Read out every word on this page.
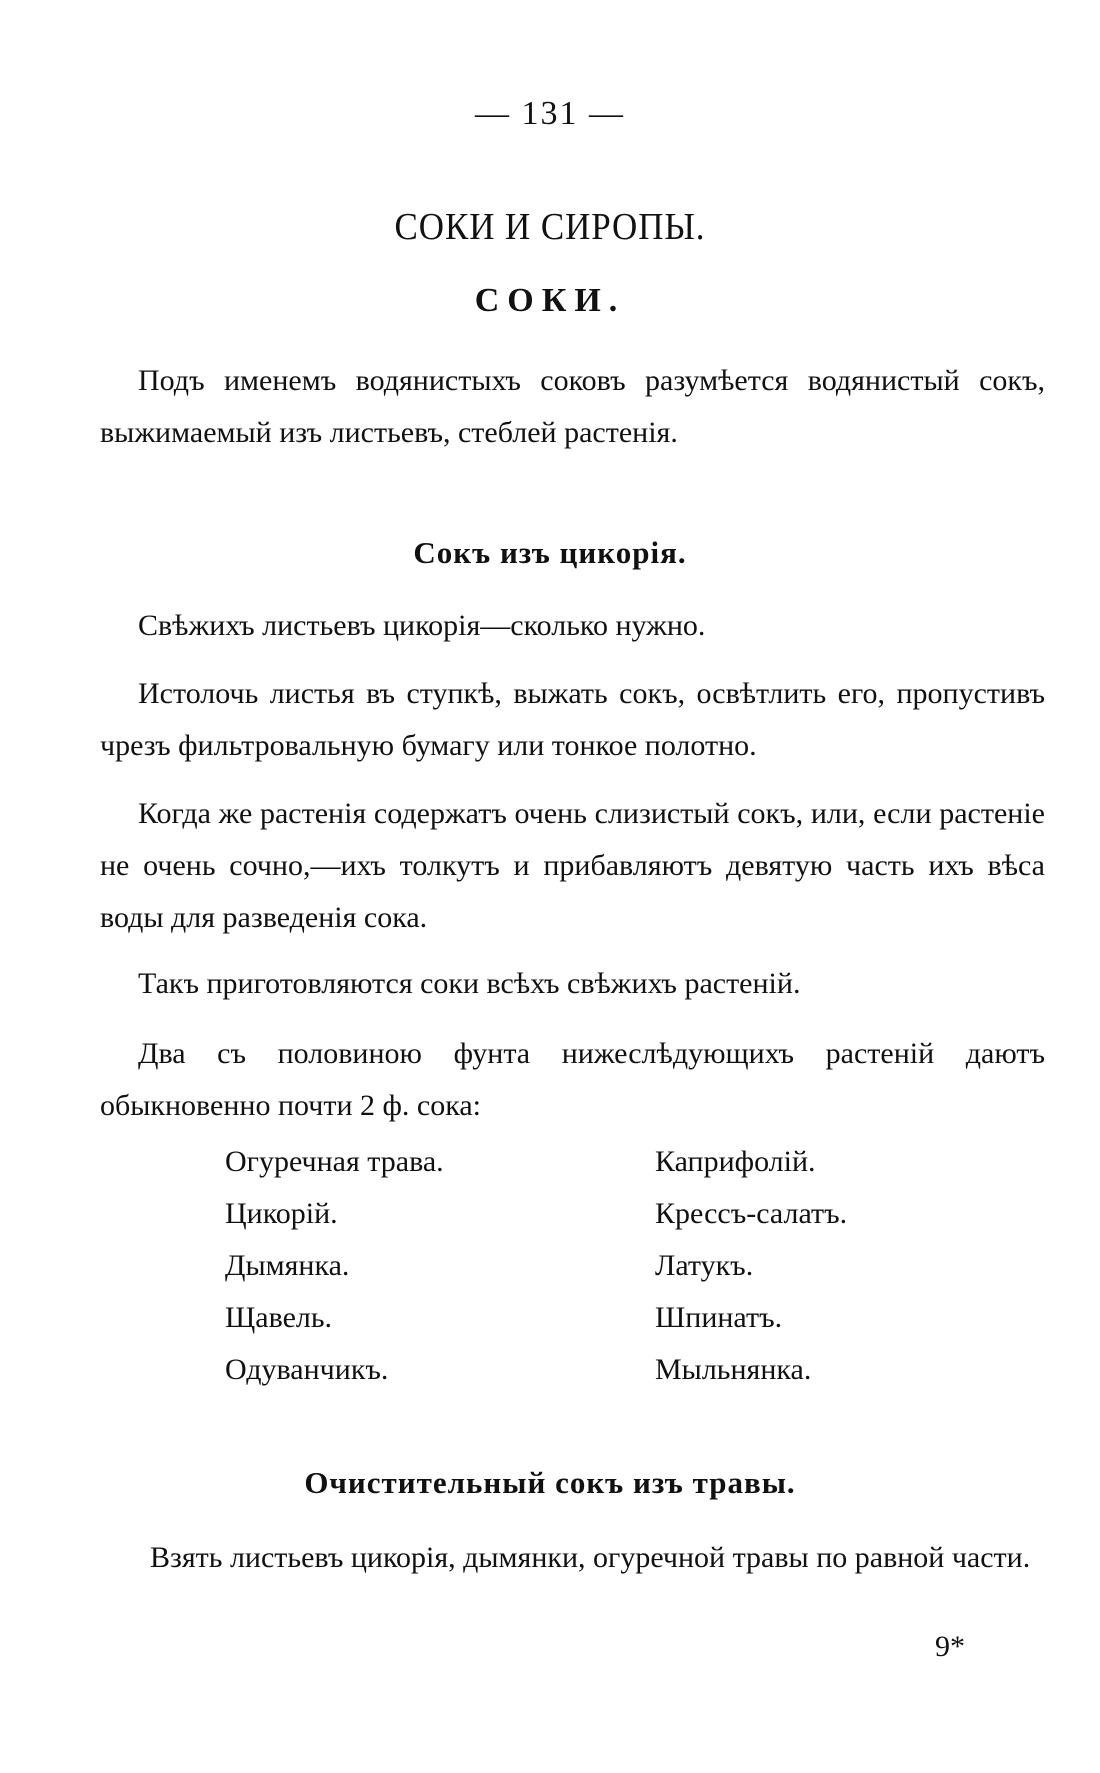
— 131 —
СОКИ И СИРОПЫ.
СОКИ.
Подъ именемъ водянистыхъ соковъ разумѣется водянистый сокъ, выжимаемый изъ листьевъ, стеблей растенія.
Сокъ изъ цикорія.
Свѣжихъ листьевъ цикорія—сколько нужно.
Истолочь листья въ ступкѣ, выжать сокъ, освѣтлить его, пропустивъ чрезъ фильтровальную бумагу или тонкое полотно.
Когда же растенія содержатъ очень слизистый сокъ, или, если растеніе не очень сочно,—ихъ толкутъ и прибавляютъ девятую часть ихъ вѣса воды для разведенія сока.
Такъ приготовляются соки всѣхъ свѣжихъ растеній.
Два съ половиною фунта нижеслѣдующихъ растеній даютъ обыкновенно почти 2 ф. сока:
Огуречная трава.	Каприфолій.
Цикорій.	Крессъ-салатъ.
Дымянка.	Латукъ.
Щавель.	Шпинатъ.
Одуванчикъ.	Мыльнянка.
Очистительный сокъ изъ травы.
Взять листьевъ цикорія, дымянки, огуречной травы по равной части.
9*
